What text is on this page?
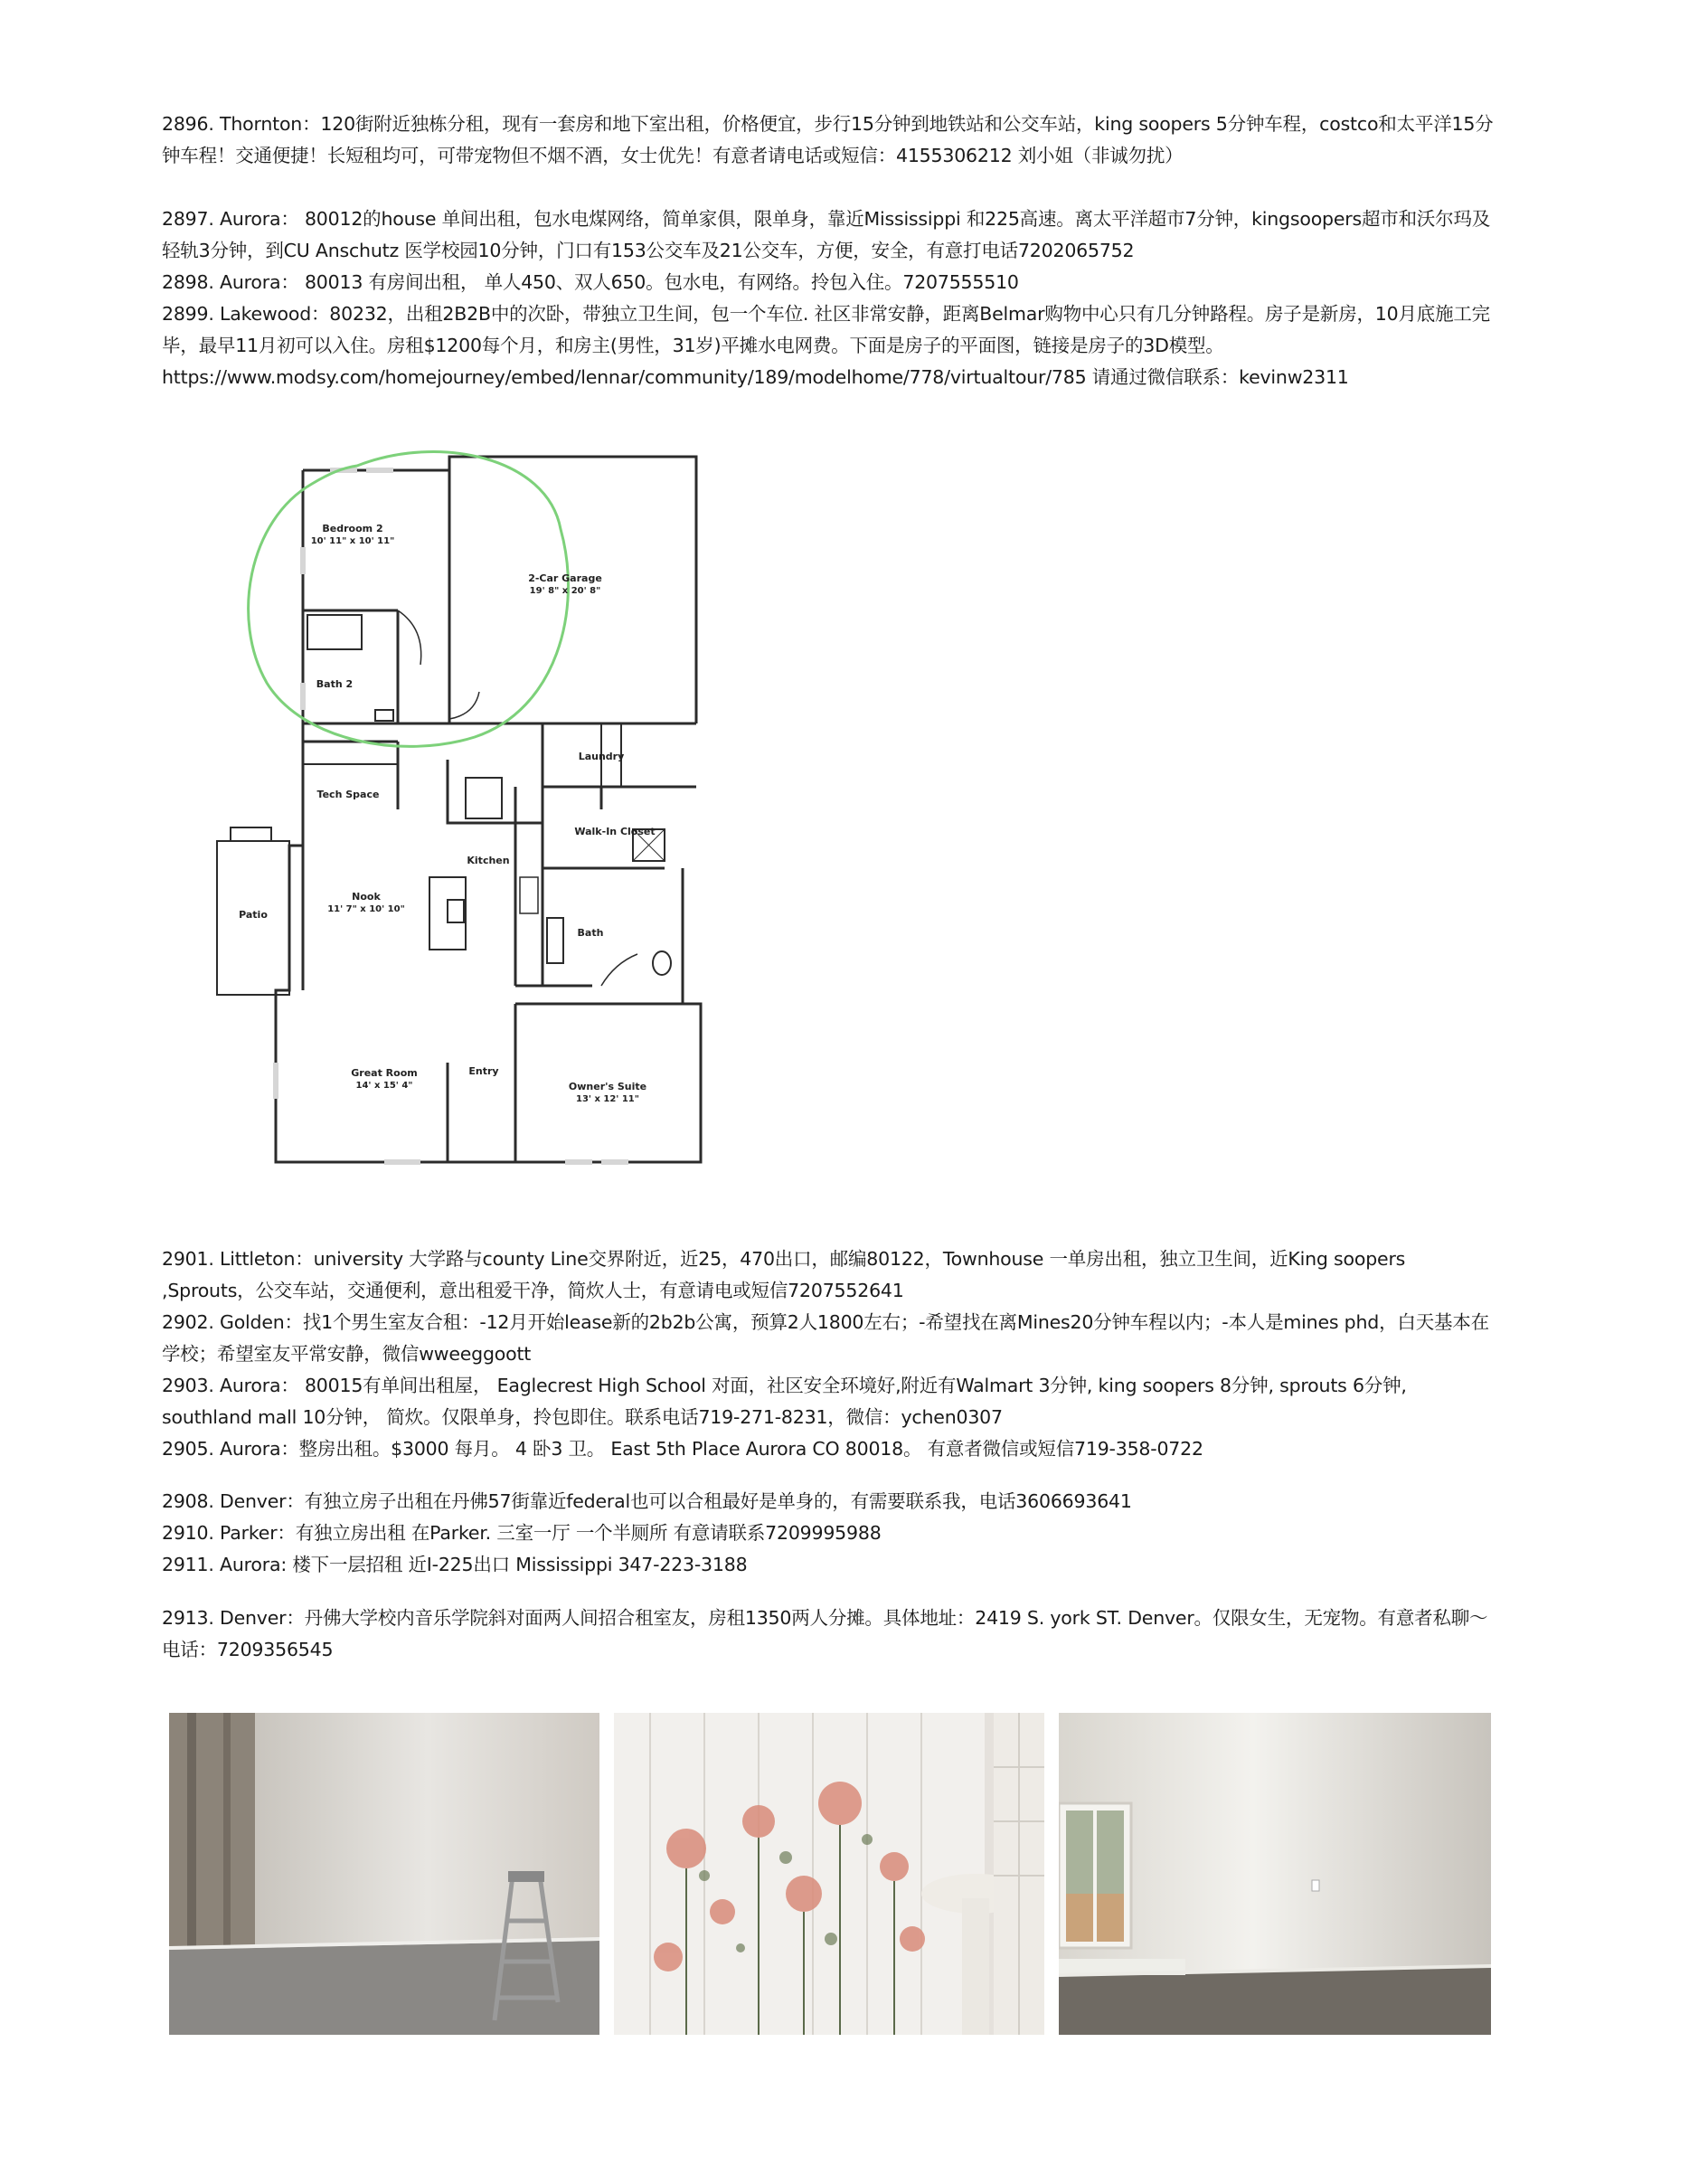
2896. Thornton：120街附近独栋分租，现有一套房和地下室出租，价格便宜，步行15分钟到地铁站和公交车站，king soopers 5分钟车程，costco和太平洋15分钟车程！交通便捷！长短租均可，可带宠物但不烟不酒，女士优先！有意者请电话或短信：4155306212 刘小姐（非诚勿扰）

2897. Aurora： 80012的house 单间出租，包水电煤网络，简单家俱，限单身，靠近Mississippi 和225高速。离太平洋超市7分钟，kingsoopers超市和沃尔玛及轻轨3分钟，到CU Anschutz 医学校园10分钟，门口有153公交车及21公交车，方便，安全，有意打电话7202065752

2898. Aurora： 80013 有房间出租， 单人450、双人650。包水电，有网络。拎包入住。7207555510

2899. Lakewood：80232，出租2B2B中的次卧，带独立卫生间，包一个车位. 社区非常安静，距离Belmar购物中心只有几分钟路程。房子是新房，10月底施工完毕，最早11月初可以入住。房租$1200每个月，和房主(男性，31岁)平摊水电网费。下面是房子的平面图，链接是房子的3D模型。https://www.modsy.com/homejourney/embed/lennar/community/189/modelhome/778/virtualtour/785 请通过微信联系：kevinw2311

Bedroom 2
10' 11" x 10' 11"
2-Car Garage
19' 8" x 20' 8"
Bath 2
Laundry
Tech Space
Walk-In Closet
Kitchen
Patio
Nook
11' 7" x 10' 10"
Bath
Great Room
14' x 15' 4"
Entry
Owner's Suite
13' x 12' 11"

2901. Littleton：university 大学路与county Line交界附近，近25，470出口，邮编80122，Townhouse 一单房出租，独立卫生间，近King soopers ,Sprouts，公交车站，交通便利，意出租爱干净，简炊人士，有意请电或短信7207552641

2902. Golden：找1个男生室友合租：-12月开始lease新的2b2b公寓，预算2人1800左右；-希望找在离Mines20分钟车程以内；-本人是mines phd，白天基本在学校；希望室友平常安静，微信wweeggoott

2903. Aurora： 80015有单间出租屋， Eaglecrest High School 对面，社区安全环境好,附近有Walmart 3分钟, king soopers 8分钟, sprouts 6分钟, southland mall 10分钟， 简炊。仅限单身，拎包即住。联系电话719-271-8231，微信：ychen0307

2905. Aurora：整房出租。$3000 每月。 4 卧3 卫。 East 5th Place Aurora CO 80018。 有意者微信或短信719-358-0722

2908. Denver：有独立房子出租在丹佛57街靠近federal也可以合租最好是单身的，有需要联系我，电话3606693641

2910. Parker：有独立房出租 在Parker. 三室一厅 一个半厕所 有意请联系7209995988

2911. Aurora: 楼下一层招租 近I-225出口 Mississippi 347-223-3188

2913. Denver：丹佛大学校内音乐学院斜对面两人间招合租室友，房租1350两人分摊。具体地址：2419 S. york ST. Denver。仅限女生，无宠物。有意者私聊～电话：7209356545
